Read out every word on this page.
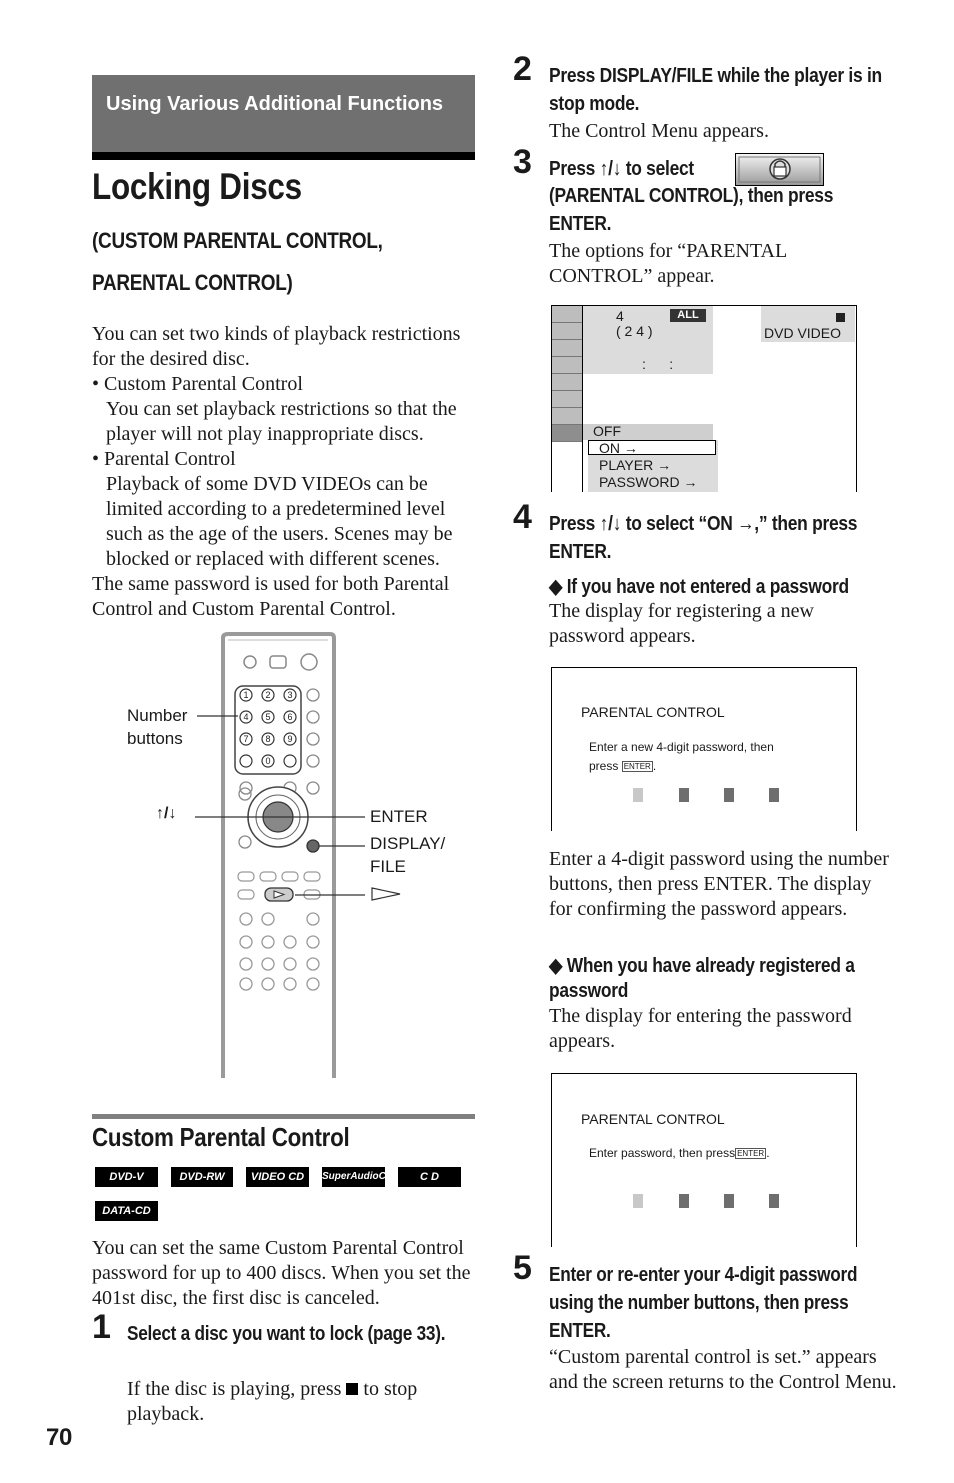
Using Various Additional Functions
Locking Discs
(CUSTOM PARENTAL CONTROL, PARENTAL CONTROL)

You can set two kinds of playback restrictions for the desired disc.

• Custom Parental Control

You can set playback restrictions so that the player will not play inappropriate discs.

• Parental Control

Playback of some DVD VIDEOs can be limited according to a predetermined level such as the age of the users. Scenes may be blocked or replaced with different scenes.

The same password is used for both Parental Control and Custom Parental Control.

1 2 3
4 5 6
7 8 9
0
Number
buttons
↑/↓	ENTER
DISPLAY/
FILE
Custom Parental Control
DVD-V	DVD-RW	VIDEO CD	SuperAudioCD	C D
DATA-CD
You can set the same Custom Parental Control password for up to 400 discs. When you set the 401st disc, the first disc is canceled.
1 Select a disc you want to lock (page 33).
If the disc is playing, press to stop playback.
70
2 Press DISPLAY/FILE while the player is in stop mode.
The Control Menu appears.
3 Press ↑/↓ to select
(PARENTAL CONTROL), then press ENTER.
The options for “PARENTAL CONTROL” appear.
4	ALL
( 2 4 )
:      :
DVD VIDEO
OFF
ON →
PLAYER →
PASSWORD →
4 Press ↑/↓ to select “ON →,” then press ENTER.
◆ If you have not entered a password
The display for registering a new password appears.
PARENTAL CONTROL
Enter a new 4-digit password, then
press ENTER .
Enter a 4-digit password using the number buttons, then press ENTER. The display for confirming the password appears.
◆ When you have already registered a password
The display for entering the password appears.
PARENTAL CONTROL
Enter password, then press ENTER .
5 Enter or re-enter your 4-digit password using the number buttons, then press ENTER.
“Custom parental control is set.” appears and the screen returns to the Control Menu.
